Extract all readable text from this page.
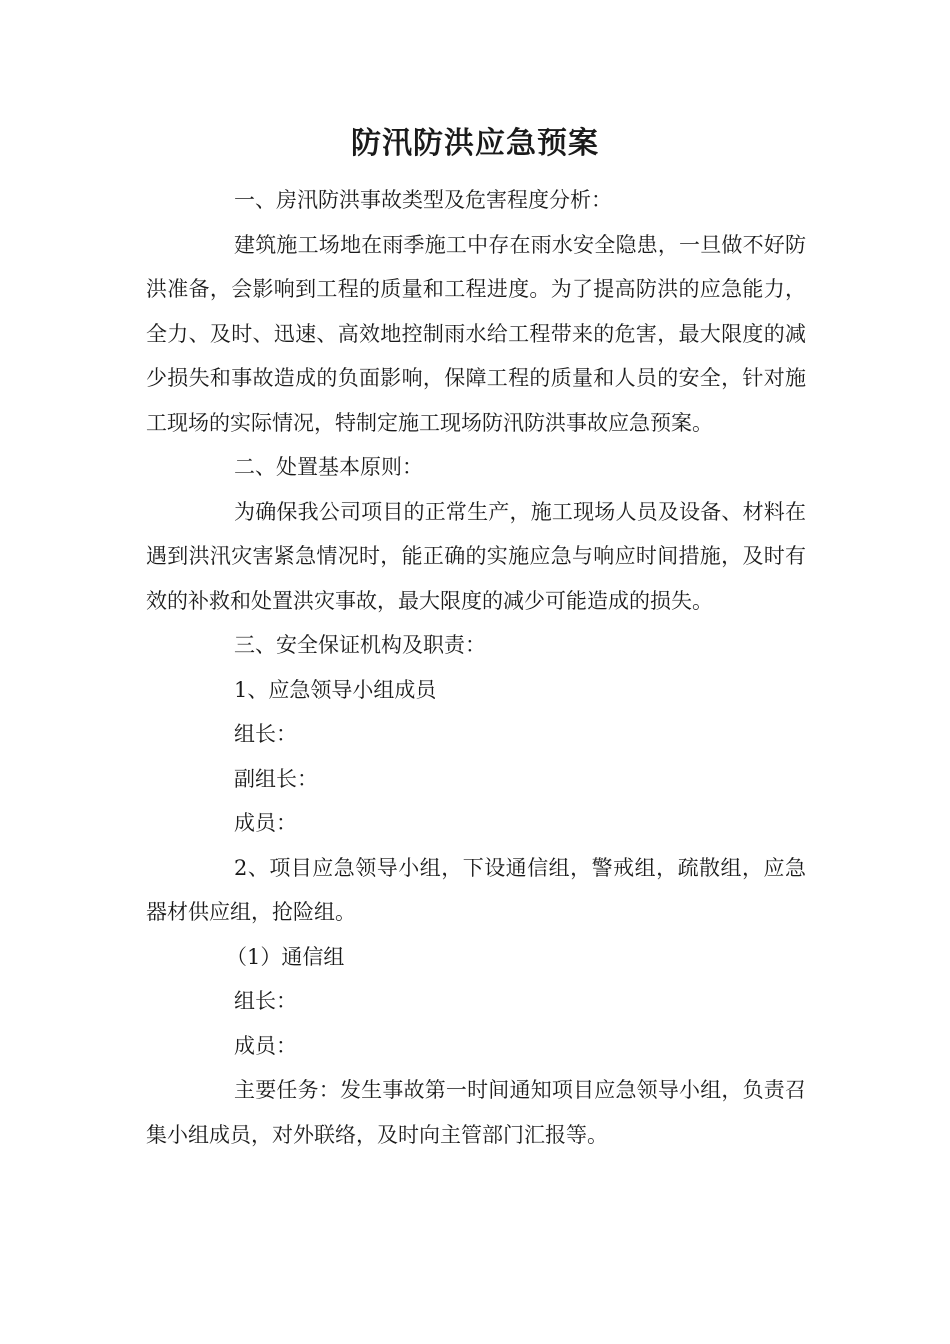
防汛防洪应急预案

一、房汛防洪事故类型及危害程度分析：

建筑施工场地在雨季施工中存在雨水安全隐患，一旦做不好防洪准备，会影响到工程的质量和工程进度。为了提高防洪的应急能力，全力、及时、迅速、高效地控制雨水给工程带来的危害，最大限度的减少损失和事故造成的负面影响，保障工程的质量和人员的安全，针对施工现场的实际情况，特制定施工现场防汛防洪事故应急预案。

二、处置基本原则：

为确保我公司项目的正常生产，施工现场人员及设备、材料在遇到洪汛灾害紧急情况时，能正确的实施应急与响应时间措施，及时有效的补救和处置洪灾事故，最大限度的减少可能造成的损失。

三、安全保证机构及职责：

1、应急领导小组成员

组长：

副组长：

成员：

2、项目应急领导小组，下设通信组，警戒组，疏散组，应急器材供应组，抢险组。

（1）通信组

组长：

成员：

主要任务：发生事故第一时间通知项目应急领导小组，负责召集小组成员，对外联络，及时向主管部门汇报等。
